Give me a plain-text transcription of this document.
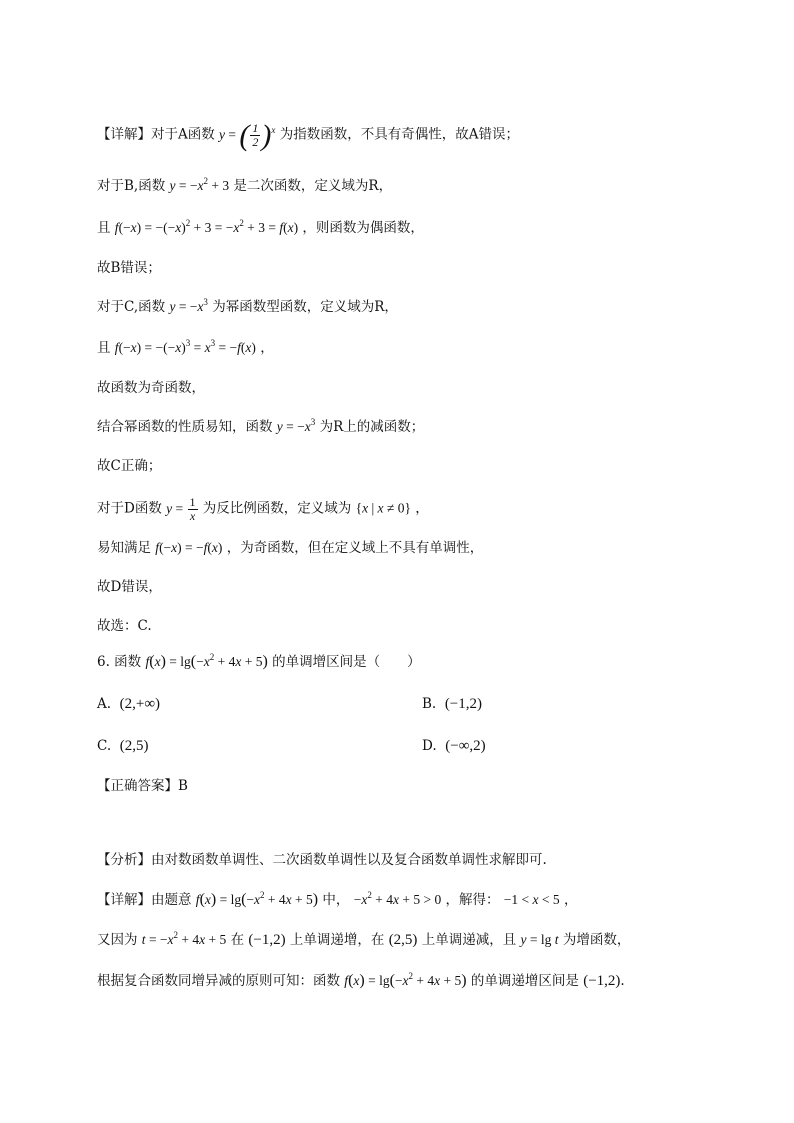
【详解】对于A函数 y = ( $\frac{1}{2} )^x$ 为指数函数，不具有奇偶性，故A错误；
对于B,函数 $y = -x^2 + 3$ 是二次函数，定义域为R，
且 $f(-x) = -(-x)^2 + 3 = -x^2 + 3 = f(x)$ ，则函数为偶函数，
故B错误；
对于C,函数 $y = -x^3$ 为幂函数型函数，定义域为R，
且 $f(-x) = -(-x)^3 = x^3 = -f(x)$ ，
故函数为奇函数，
结合幂函数的性质易知，函数 $y = -x^3$ 为R上的减函数；
故C正确；
对于D函数 $y = \frac{1}{x}$ 为反比例函数，定义域为 {x | x ≠ 0} ，
易知满足 f(−x) = −f(x) ，为奇函数，但在定义域上不具有单调性，
故D错误，
故选：C.
6. 函数 $f(x) = \lg(-x^2 + 4x + 5)$ 的单调增区间是（　　）
A. (2,+∞)	B. (−1,2)
C. (2,5)	D. (−∞,2)
【正确答案】B
【分析】由对数函数单调性、二次函数单调性以及复合函数单调性求解即可.
【详解】由题意 $f(x) = \lg(-x^2 + 4x + 5)$ 中， $-x^2 + 4x + 5 > 0$ ，解得： −1 < x < 5 ，
又因为 $t = -x^2 + 4x + 5$ 在 (−1,2) 上单调递增，在 (2,5) 上单调递减，且 y = lg t 为增函数，
根据复合函数同增异减的原则可知：函数 $f(x) = \lg(-x^2 + 4x + 5)$ 的单调递增区间是 (−1,2).
